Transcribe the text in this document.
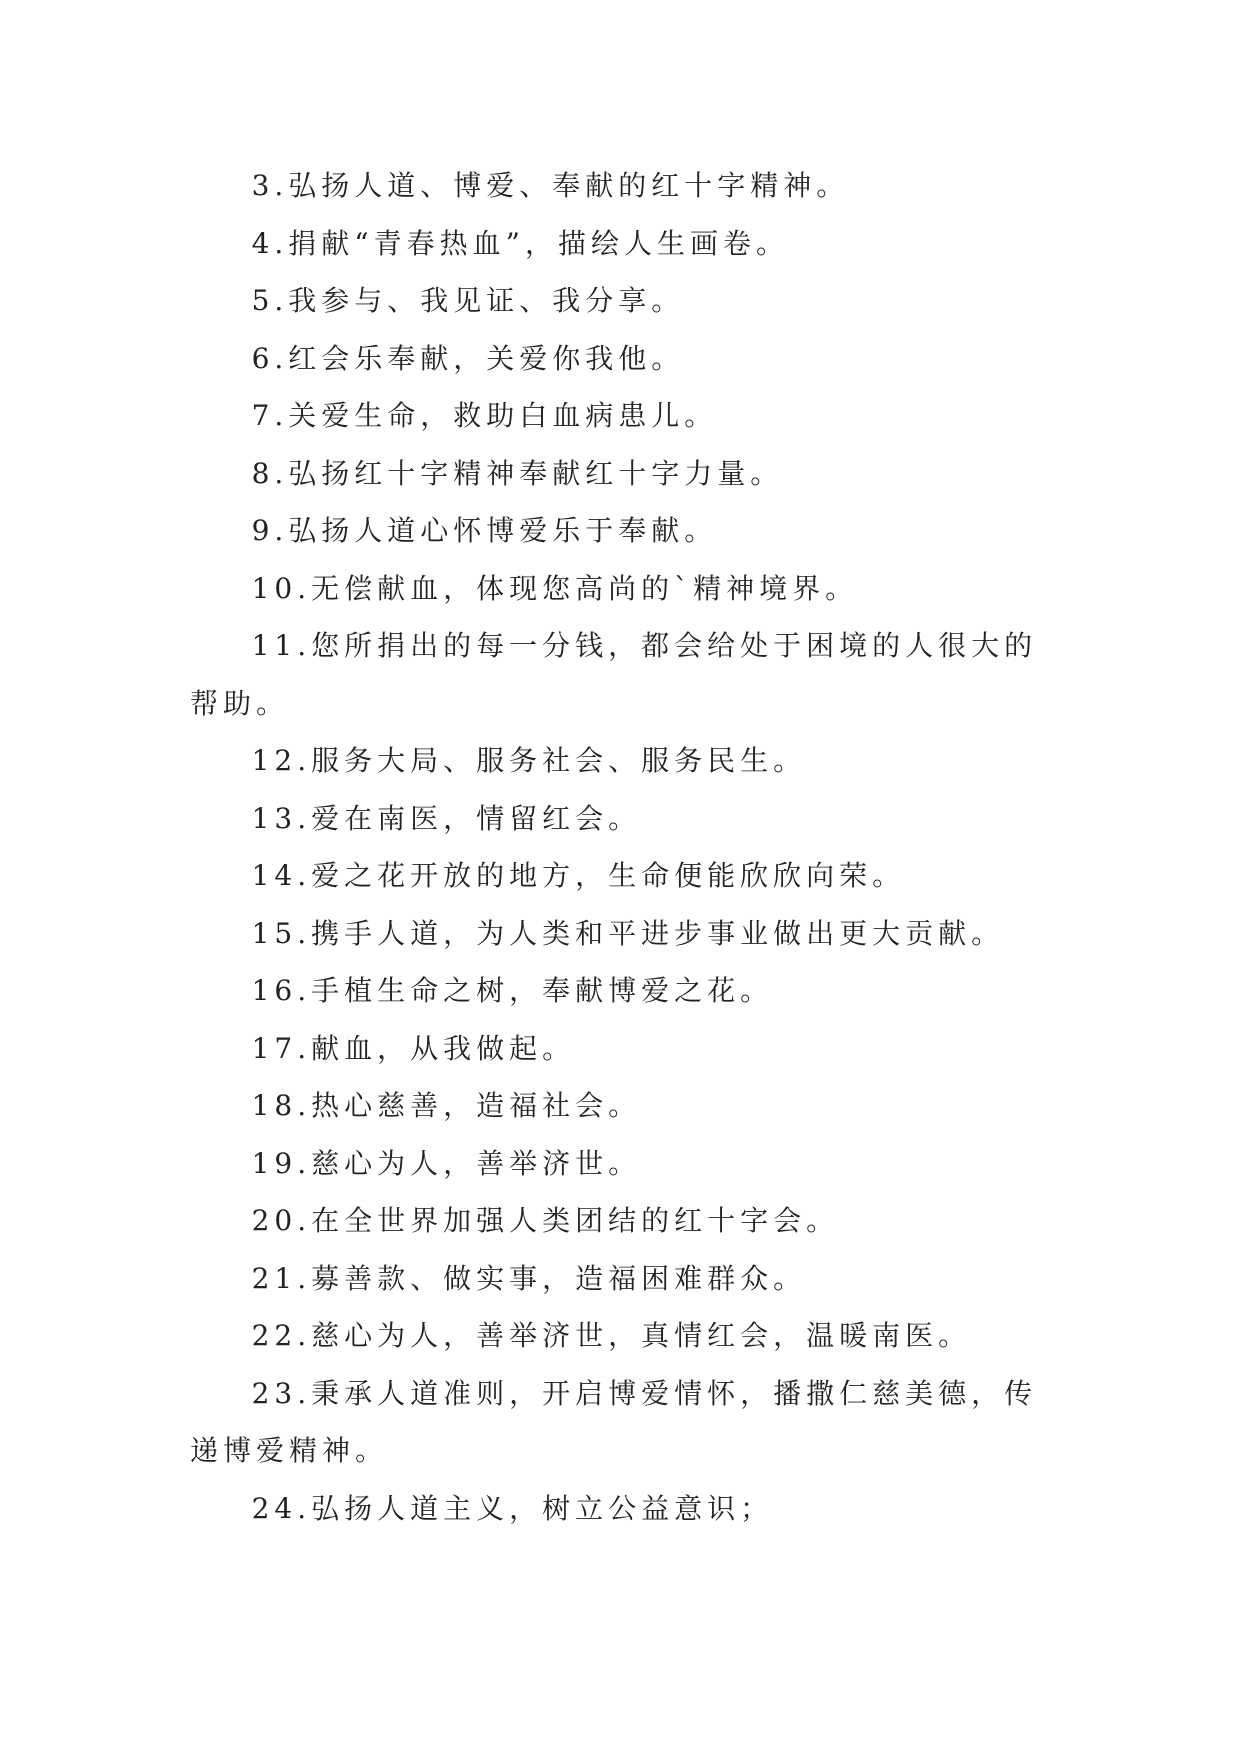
3.弘扬人道、博爱、奉献的红十字精神。

4.捐献“青春热血”，描绘人生画卷。

5.我参与、我见证、我分享。

6.红会乐奉献，关爱你我他。

7.关爱生命，救助白血病患儿。

8.弘扬红十字精神奉献红十字力量。

9.弘扬人道心怀博爱乐于奉献。

10.无偿献血，体现您高尚的`精神境界。

11.您所捐出的每一分钱，都会给处于困境的人很大的帮助。

12.服务大局、服务社会、服务民生。

13.爱在南医，情留红会。

14.爱之花开放的地方，生命便能欣欣向荣。

15.携手人道，为人类和平进步事业做出更大贡献。

16.手植生命之树，奉献博爱之花。

17.献血，从我做起。

18.热心慈善，造福社会。

19.慈心为人，善举济世。

20.在全世界加强人类团结的红十字会。

21.募善款、做实事，造福困难群众。

22.慈心为人，善举济世，真情红会，温暖南医。

23.秉承人道准则，开启博爱情怀，播撒仁慈美德，传递博爱精神。

24.弘扬人道主义，树立公益意识；
